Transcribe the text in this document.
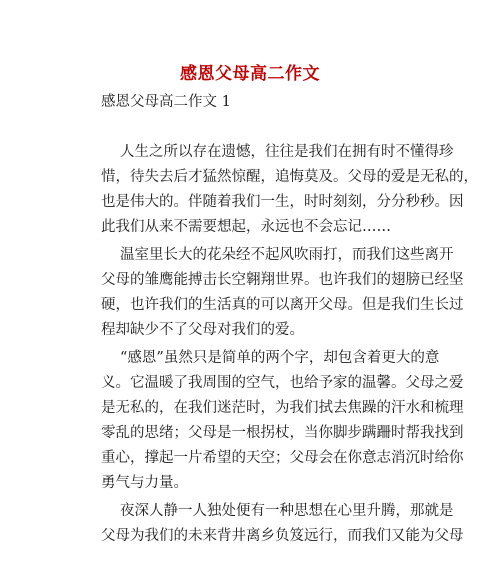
感恩父母高二作文
感恩父母高二作文 1
人生之所以存在遗憾，往往是我们在拥有时不懂得珍
惜，待失去后才猛然惊醒，追悔莫及。父母的爱是无私的，
也是伟大的。伴随着我们一生，时时刻刻，分分秒秒。因
此我们从来不需要想起，永远也不会忘记……
温室里长大的花朵经不起风吹雨打，而我们这些离开
父母的雏鹰能搏击长空翱翔世界。也许我们的翅膀已经坚
硬，也许我们的生活真的可以离开父母。但是我们生长过
程却缺少不了父母对我们的爱。
“感恩”虽然只是简单的两个字，却包含着更大的意
义。它温暖了我周围的空气，也给予家的温馨。父母之爱
是无私的，在我们迷茫时，为我们拭去焦躁的汗水和梳理
零乱的思绪；父母是一根拐杖，当你脚步蹒跚时帮我找到
重心，撑起一片希望的天空；父母会在你意志消沉时给你
勇气与力量。
夜深人静一人独处便有一种思想在心里升腾，那就是
父母为我们的未来背井离乡负笈远行，而我们又能为父母
